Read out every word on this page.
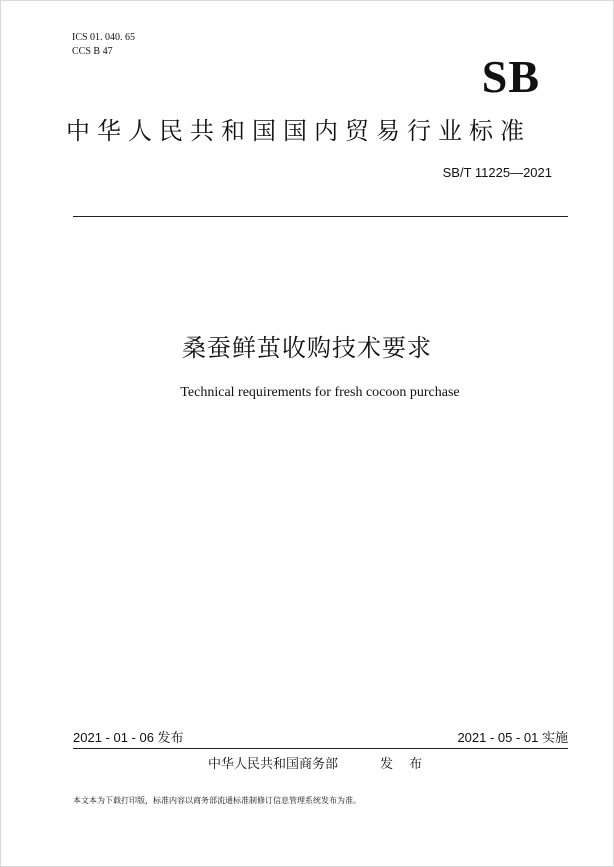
ICS 01. 040. 65
CCS B 47	SB
中华人民共和国国内贸易行业标准
SB/T 11225—2021
桑蚕鲜茧收购技术要求
Technical requirements for fresh cocoon purchase
2021 - 01 - 06 发布	2021 - 05 - 01 实施
中华人民共和国商务部	发 布
本文本为下载打印版，标准内容以商务部流通标准制修订信息管理系统发布为准。
